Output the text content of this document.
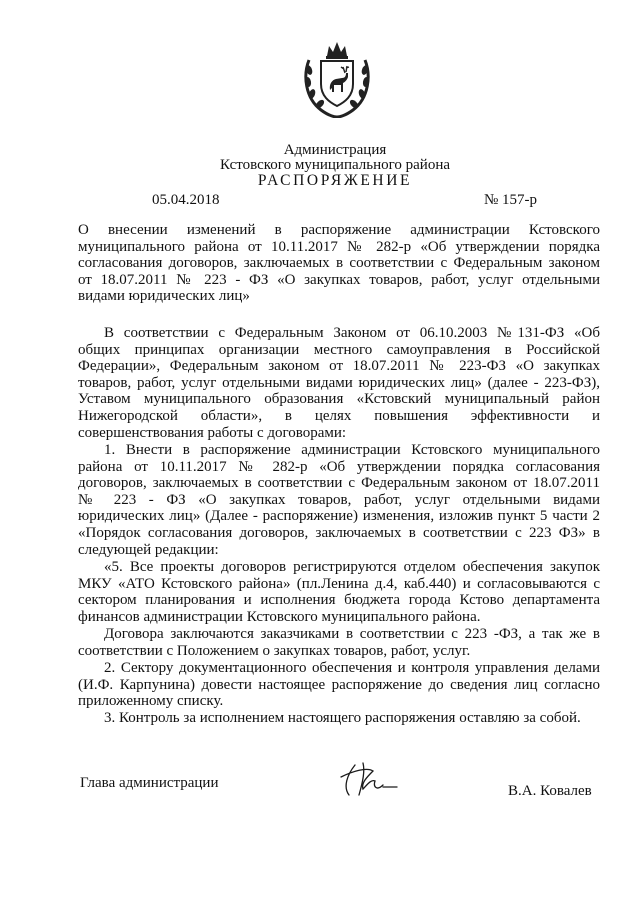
Администрация
Кстовского муниципального района
РАСПОРЯЖЕНИЕ
05.04.2018	№ 157-р
О внесении изменений в распоряжение администрации Кстовского
муниципального района от 10.11.2017 № 282-р «Об утверждении порядка
согласования договоров, заключаемых в соответствии с Федеральным законом
от 18.07.2011 № 223 - ФЗ «О закупках товаров, работ, услуг отдельными
видами юридических лиц»
В соответствии с Федеральным Законом от 06.10.2003 №131-ФЗ «Об
общих принципах организации местного самоуправления в Российской
Федерации», Федеральным законом от 18.07.2011 № 223-ФЗ «О закупках
товаров, работ, услуг отдельными видами юридических лиц» (далее - 223-ФЗ),
Уставом муниципального образования «Кстовский муниципальный район
Нижегородской области», в целях повышения эффективности и
совершенствования работы с договорами:
1. Внести в распоряжение администрации Кстовского муниципального
района от 10.11.2017 № 282-р «Об утверждении порядка согласования
договоров, заключаемых в соответствии с Федеральным законом от 18.07.2011
№ 223 - ФЗ «О закупках товаров, работ, услуг отдельными видами
юридических лиц» (Далее - распоряжение) изменения, изложив пункт 5 части 2
«Порядок согласования договоров, заключаемых в соответствии с 223 ФЗ» в
следующей редакции:
«5. Все проекты договоров регистрируются отделом обеспечения закупок
МКУ «АТО Кстовского района» (пл.Ленина д.4, каб.440) и согласовываются с
сектором планирования и исполнения бюджета города Кстово департамента
финансов администрации Кстовского муниципального района.
Договора заключаются заказчиками в соответствии с 223 -ФЗ, а так же в
соответствии с Положением о закупках товаров, работ, услуг.
2. Сектору документационного обеспечения и контроля управления делами
(И.Ф. Карпунина) довести настоящее распоряжение до сведения лиц согласно
приложенному списку.
3. Контроль за исполнением настоящего распоряжения оставляю за собой.
Глава администрации	В.А. Ковалев
